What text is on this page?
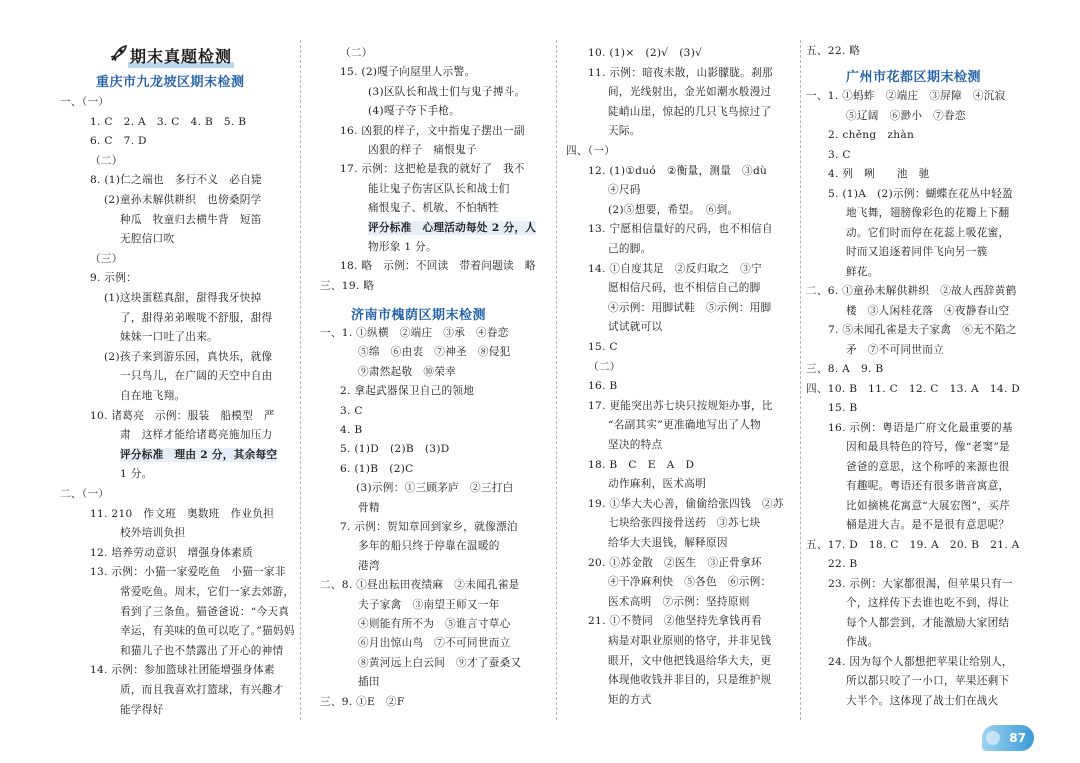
期末真题检测
重庆市九龙坡区期末检测
一、（一）
1. C　2. A　3. C　4. B　5. B
6. C　7. D
（二）
8. (1)仁之端也　多行不义　必自毙
(2)童孙未解供耕织　也傍桑阴学
种瓜　牧童归去横牛背　短笛
无腔信口吹
（三）
9. 示例：
(1)这块蛋糕真甜，甜得我牙快掉
了，甜得弟弟喉咙不舒服，甜得
妹妹一口吐了出来。
(2)孩子来到游乐园，真快乐，就像
一只鸟儿，在广阔的天空中自由
自在地飞翔。
10. 诸葛亮　示例：服装　船模型　严
肃　这样才能给诸葛亮施加压力
评分标准　理由 2 分，其余每空
1 分。
二、（一）
11. 210　作文班　奥数班　作业负担
校外培训负担
12. 培养劳动意识　增强身体素质
13. 示例：小猫一家爱吃鱼　小猫一家非
常爱吃鱼。周末，它们一家去郊游，
看到了三条鱼。猫爸爸说：“今天真
幸运，有美味的鱼可以吃了。”猫妈妈
和猫儿子也不禁露出了开心的神情
14. 示例：参加篮球社团能增强身体素
质，而且我喜欢打篮球，有兴趣才
能学得好
（二）
15. (2)嘎子向屋里人示警。
(3)区队长和战士们与鬼子搏斗。
(4)嘎子夺下手枪。
16. 凶狠的样子，文中指鬼子摆出一副
凶狠的样子　痛恨鬼子
17. 示例：这把枪是我的就好了　我不
能让鬼子伤害区队长和战士们
痛恨鬼子、机敏、不怕牺牲
评分标准　心理活动每处 2 分，人
物形象 1 分。
18. 略　示例：不回读　带着问题读　略
三、19. 略
济南市槐荫区期末检测
一、1. ①纵横　②端庄　③承　④眷恋
⑤绵　⑥由衷　⑦神圣　⑧侵犯
⑨肃然起敬　⑩荣幸
2. 拿起武器保卫自己的领地
3. C
4. B
5. (1)D　(2)B　(3)D
6. (1)B　(2)C
(3)示例：①三顾茅庐　②三打白
骨精
7. 示例：贺知章回到家乡，就像漂泊
多年的船只终于停靠在温暖的
港湾
二、8. ①昼出耘田夜绩麻　②未闻孔雀是
夫子家禽　③南望王师又一年
④则能有所不为　⑤谁言寸草心
⑥月出惊山鸟　⑦不可同世而立
⑧黄河远上白云间　⑨才了蚕桑又
插田
三、9. ①E　②F
10. (1)×　(2)√　(3)√
11. 示例：暗夜未散，山影朦胧。刹那
间，光线射出，金光如潮水般漫过
陡峭山崖，惊起的几只飞鸟掠过了
天际。
四、（一）
12. (1)①duó　②衡量，测量　③dù
④尺码
(2)⑤想要，希望。　⑥到。
13. 宁愿相信量好的尺码，也不相信自
己的脚。
14. ①自度其足　②反归取之　③宁
愿相信尺码，也不相信自己的脚
④示例：用脚试鞋　⑤示例：用脚
试试就可以
15. C
（二）
16. B
17. 更能突出苏七块只按规矩办事，比
“名副其实”更准确地写出了人物
坚决的特点
18. B　C　E　A　D
动作麻利，医术高明
19. ①华大夫心善，偷偷给张四钱　②苏
七块给张四接骨送药　③苏七块
给华大夫退钱，解释原因
20. ①苏金散　②医生　③正骨拿环
④干净麻利快　⑤各色　⑥示例：
医术高明　⑦示例：坚持原则
21. ①不赞同　②他坚持先拿钱再看
病是对职业原则的恪守，并非见钱
眼开，文中他把钱退给华大夫，更
体现他收钱并非目的，只是维护规
矩的方式
五、22. 略
广州市花都区期末检测
一、1. ①蚂蚱　②端庄　③屏障　④沉寂
⑤辽阔　⑥渺小　⑦眷恋
2. chěng　zhàn
3. C
4. 列　咧　　池　驰
5. (1)A　(2)示例：蝴蝶在花丛中轻盈
地飞舞，翅膀像彩色的花瓣上下翻
动。它们时而停在花蕊上吸花蜜，
时而又追逐着同伴飞向另一簇
鲜花。
二、6. ①童孙未解供耕织　②故人西辞黄鹤
楼　③人闲桂花落　④夜静春山空
7. ⑤未闻孔雀是夫子家禽　⑥无不陷之
矛　⑦不可同世而立
三、8. A　9. B
四、10. B　11. C　12. C　13. A　14. D
15. B
16. 示例：粤语是广府文化最重要的基
因和最具特色的符号，像“老窦”是
爸爸的意思，这个称呼的来源也很
有趣呢。粤语还有很多谐音寓意，
比如摘桃花寓意“大展宏图”，买芹
桶是进大吉。是不是很有意思呢？
五、17. D　18. C　19. A　20. B　21. A
22. B
23. 示例：大家都很渴，但苹果只有一
个，这样传下去谁也吃不到，得让
每个人都尝到，才能激励大家团结
作战。
24. 因为每个人都想把苹果让给别人，
所以都只咬了一小口，苹果还剩下
大半个。这体现了战士们在战火
87
